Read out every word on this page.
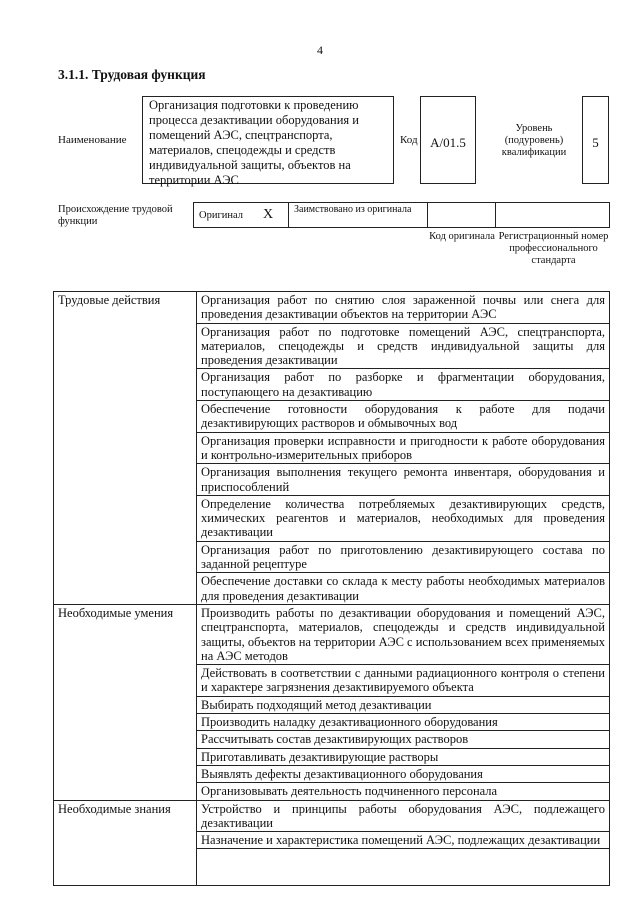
4
3.1.1. Трудовая функция
Наименование
Организация подготовки к проведению процесса дезактивации оборудования и помещений АЭС, спецтранспорта, материалов, спецодежды и средств индивидуальной защиты, объектов на территории АЭС
Код A/01.5
Уровень (подуровень) квалификации
5
Происхождение трудовой функции
Оригинал X Заимствовано из оригинала
Код оригинала Регистрационный номер профессионального стандарта
Трудовые действия	Организация работ по снятию слоя зараженной почвы или снега для проведения дезактивации объектов на территории АЭС
	Организация работ по подготовке помещений АЭС, спецтранспорта, материалов, спецодежды и средств индивидуальной защиты для проведения дезактивации
	Организация работ по разборке и фрагментации оборудования, поступающего на дезактивацию
	Обеспечение готовности оборудования к работе для подачи дезактивирующих растворов и обмывочных вод
	Организация проверки исправности и пригодности к работе оборудования и контрольно-измерительных приборов
	Организация выполнения текущего ремонта инвентаря, оборудования и приспособлений
	Определение количества потребляемых дезактивирующих средств, химических реагентов и материалов, необходимых для проведения дезактивации
	Организация работ по приготовлению дезактивирующего состава по заданной рецептуре
	Обеспечение доставки со склада к месту работы необходимых материалов для проведения дезактивации
Необходимые умения	Производить работы по дезактивации оборудования и помещений АЭС, спецтранспорта, материалов, спецодежды и средств индивидуальной защиты, объектов на территории АЭС с использованием всех применяемых на АЭС методов
	Действовать в соответствии с данными радиационного контроля о степени и характере загрязнения дезактивируемого объекта
	Выбирать подходящий метод дезактивации
	Производить наладку дезактивационного оборудования
	Рассчитывать состав дезактивирующих растворов
	Приготавливать дезактивирующие растворы
	Выявлять дефекты дезактивационного оборудования
	Организовывать деятельность подчиненного персонала
Необходимые знания	Устройство и принципы работы оборудования АЭС, подлежащего дезактивации
	Назначение и характеристика помещений АЭС, подлежащих дезактивации
